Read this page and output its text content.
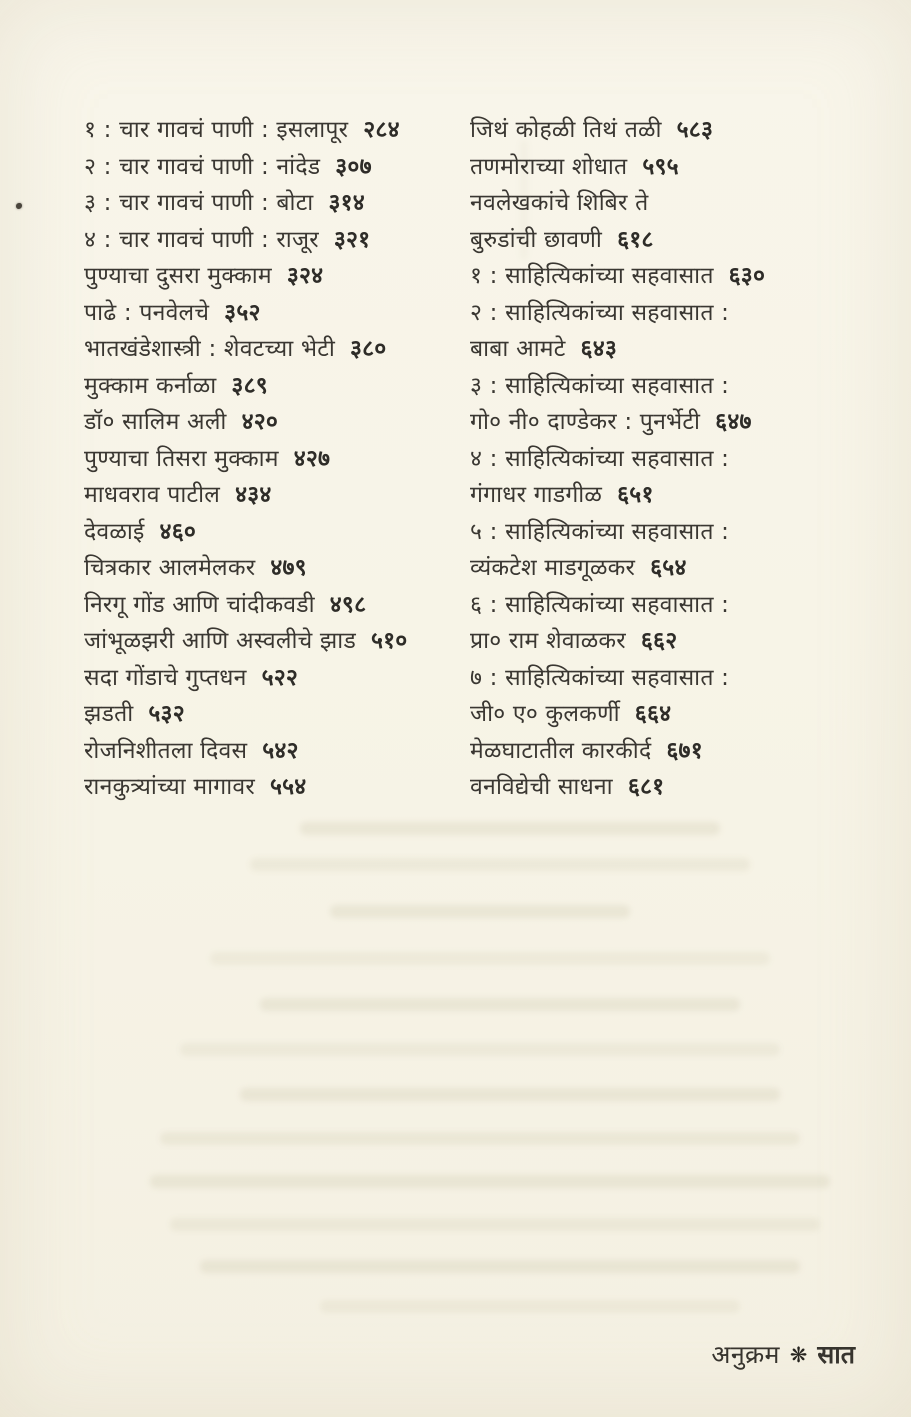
१ : चार गावचं पाणी : इसलापूर २८४
२ : चार गावचं पाणी : नांदेड ३०७
३ : चार गावचं पाणी : बोटा ३१४
४ : चार गावचं पाणी : राजूर ३२१
पुण्याचा दुसरा मुक्काम ३२४
पाढे : पनवेलचे ३५२
भातखंडेशास्त्री : शेवटच्या भेटी ३८०
मुक्काम कर्नाळा ३८९
डॉ० सालिम अली ४२०
पुण्याचा तिसरा मुक्काम ४२७
माधवराव पाटील ४३४
देवळाई ४६०
चित्रकार आलमेलकर ४७९
निरगू गोंड आणि चांदीकवडी ४९८
जांभूळझरी आणि अस्वलीचे झाड ५१०
सदा गोंडाचे गुप्तधन ५२२
झडती ५३२
रोजनिशीतला दिवस ५४२
रानकुत्र्यांच्या मागावर ५५४
जिथं कोहळी तिथं तळी ५८३
तणमोराच्या शोधात ५९५
नवलेखकांचे शिबिर ते
बुरुडांची छावणी ६१८
१ : साहित्यिकांच्या सहवासात ६३०
२ : साहित्यिकांच्या सहवासात :
बाबा आमटे ६४३
३ : साहित्यिकांच्या सहवासात :
गो० नी० दाण्डेकर : पुनर्भेटी ६४७
४ : साहित्यिकांच्या सहवासात :
गंगाधर गाडगीळ ६५१
५ : साहित्यिकांच्या सहवासात :
व्यंकटेश माडगूळकर ६५४
६ : साहित्यिकांच्या सहवासात :
प्रा० राम शेवाळकर ६६२
७ : साहित्यिकांच्या सहवासात :
जी० ए० कुलकर्णी ६६४
मेळघाटातील कारकीर्द ६७१
वनविद्येची साधना ६८१
अनुक्रम ❋ सात
